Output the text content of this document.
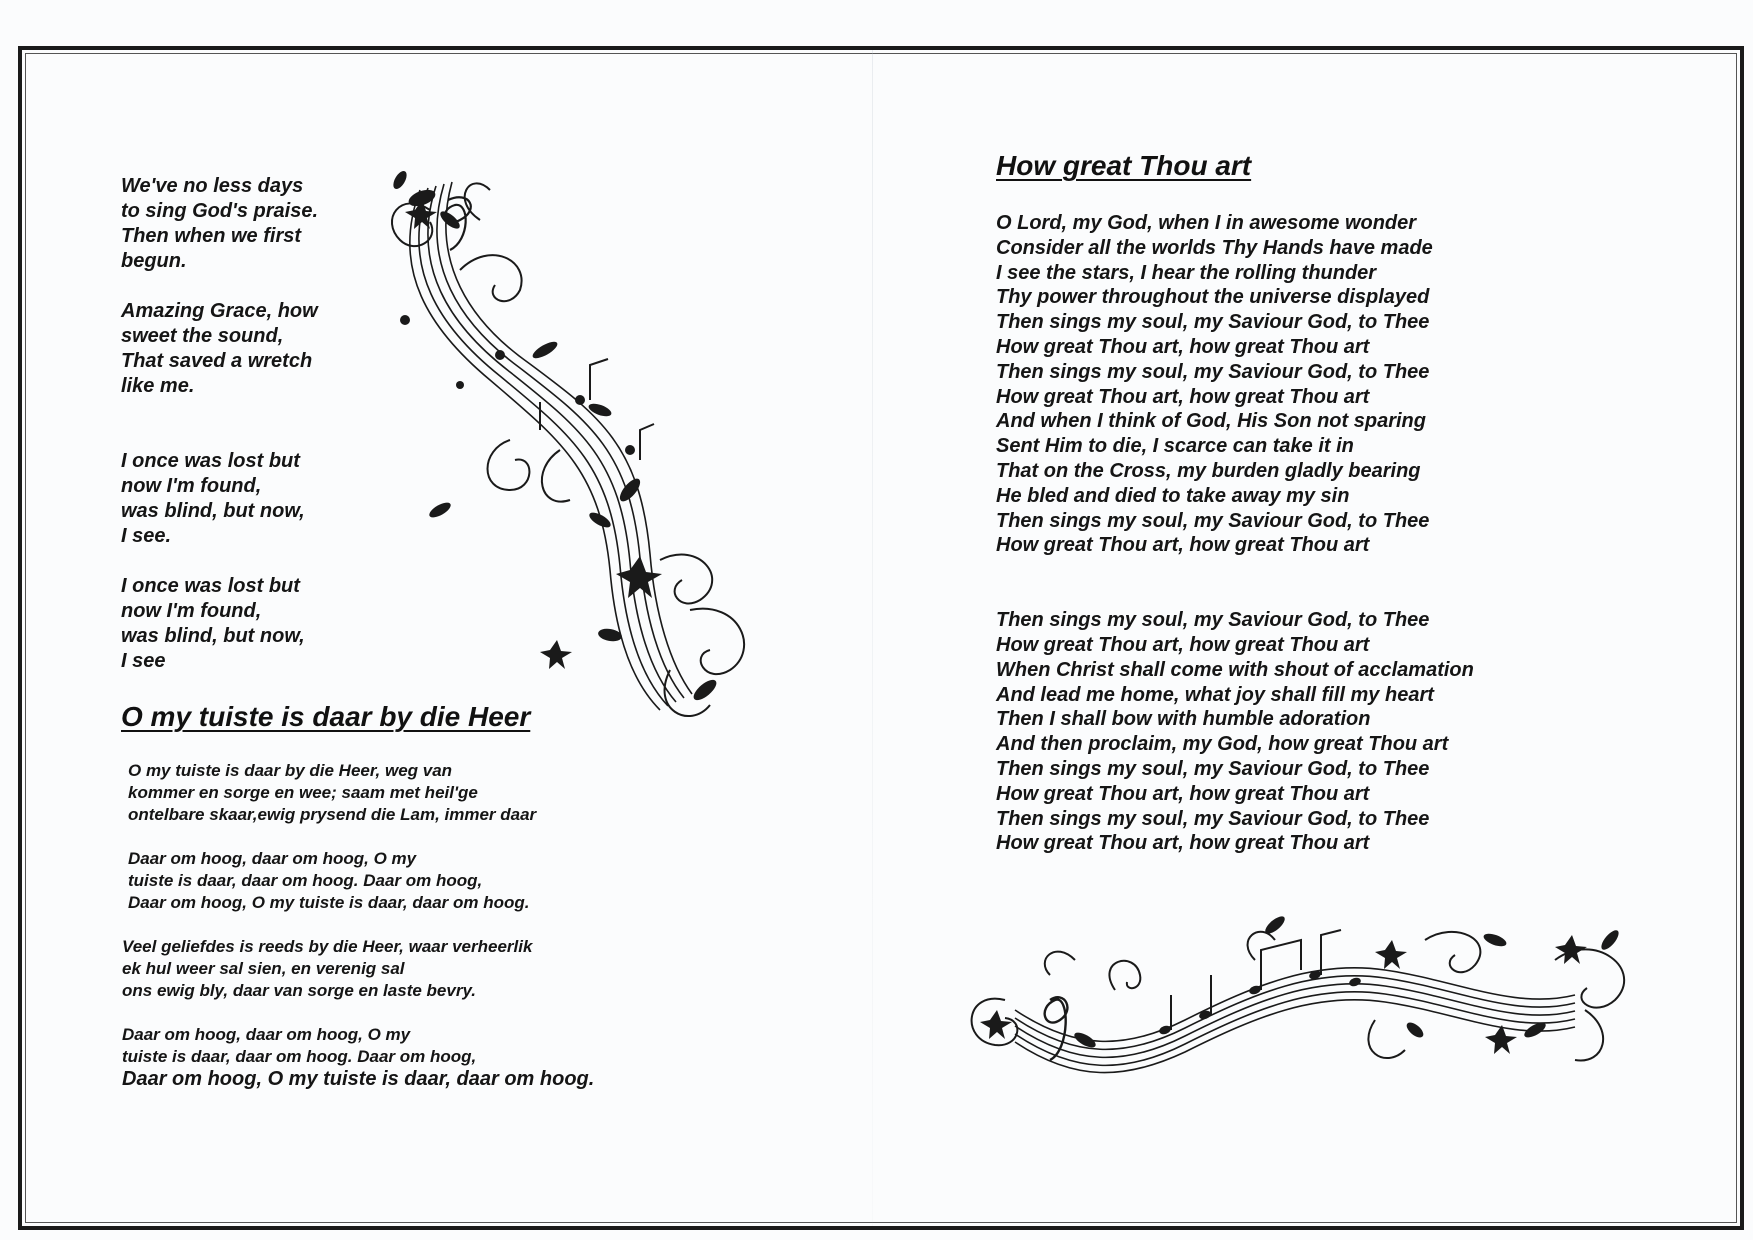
We've no less days
to sing God's praise.
Then when we first
begun.

Amazing Grace, how
sweet the sound,
That saved a wretch
like me.

I once was lost but
now I'm found,
was blind, but now,
I see.

I once was lost but
now I'm found,
was blind, but now,
I see

O my tuiste is daar by die Heer

O my tuiste is daar by die Heer, weg van
kommer en sorge en wee; saam met heil'ge
ontelbare skaar,ewig prysend die Lam, immer daar

Daar om hoog, daar om hoog, O my
tuiste is daar, daar om hoog. Daar om hoog,
Daar om hoog, O my tuiste is daar, daar om hoog.

Veel geliefdes is reeds by die Heer, waar verheerlik
ek hul weer sal sien, en verenig sal
ons ewig bly, daar van sorge en laste bevry.

Daar om hoog, daar om hoog, O my
tuiste is daar, daar om hoog. Daar om hoog,

Daar om hoog, O my tuiste is daar, daar om hoog.

How great Thou art

O Lord, my God, when I in awesome wonder
Consider all the worlds Thy Hands have made
I see the stars, I hear the rolling thunder
Thy power throughout the universe displayed
Then sings my soul, my Saviour God, to Thee
How great Thou art, how great Thou art
Then sings my soul, my Saviour God, to Thee
How great Thou art, how great Thou art
And when I think of God, His Son not sparing
Sent Him to die, I scarce can take it in
That on the Cross, my burden gladly bearing
He bled and died to take away my sin
Then sings my soul, my Saviour God, to Thee
How great Thou art, how great Thou art

Then sings my soul, my Saviour God, to Thee
How great Thou art, how great Thou art
When Christ shall come with shout of acclamation
And lead me home, what joy shall fill my heart
Then I shall bow with humble adoration
And then proclaim, my God, how great Thou art
Then sings my soul, my Saviour God, to Thee
How great Thou art, how great Thou art
Then sings my soul, my Saviour God, to Thee
How great Thou art, how great Thou art
